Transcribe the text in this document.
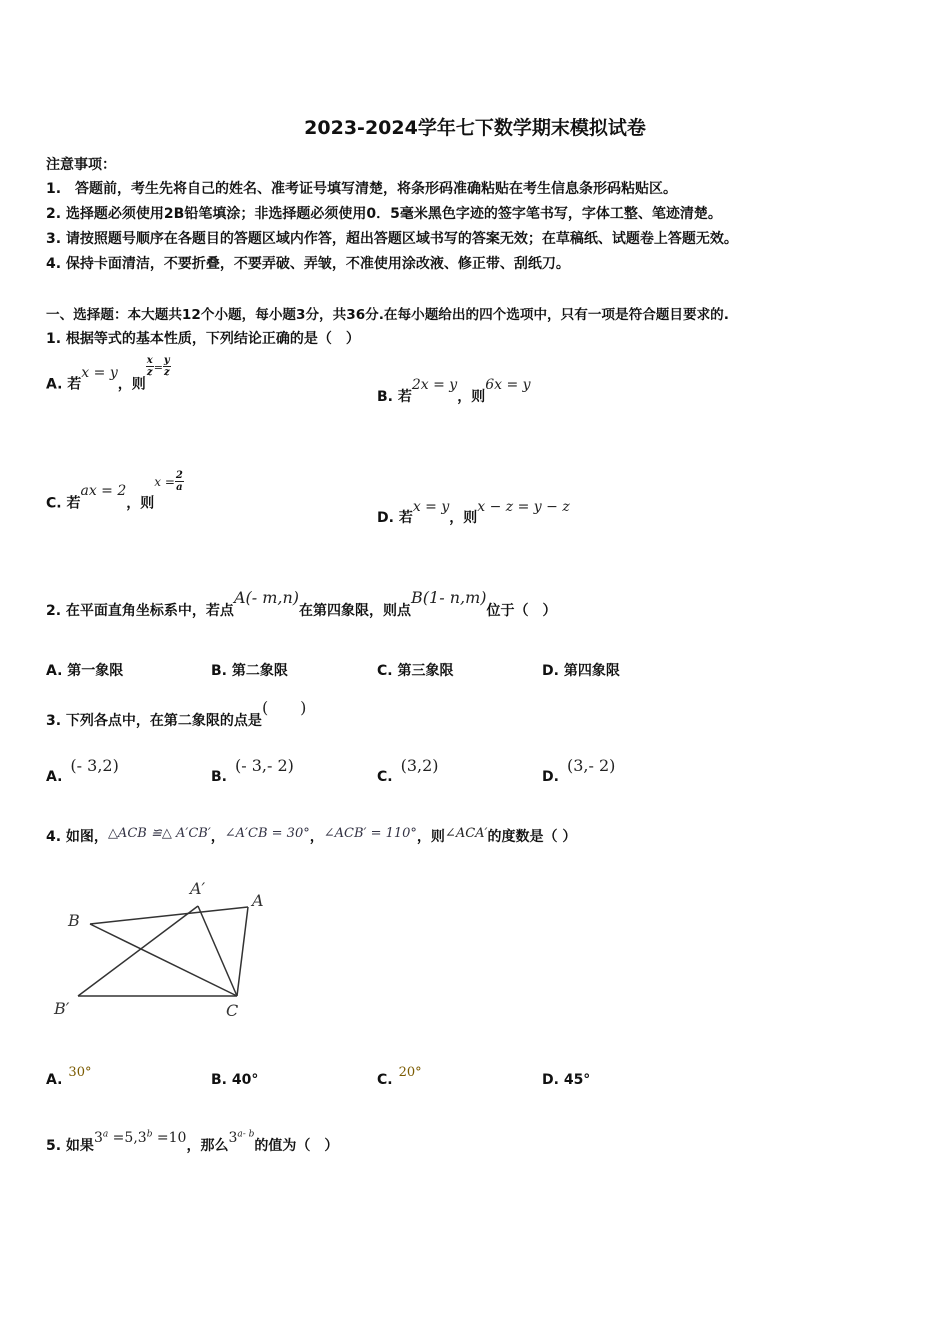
2023-2024学年七下数学期末模拟试卷
注意事项：
1.　答题前，考生先将自己的姓名、准考证号填写清楚，将条形码准确粘贴在考生信息条形码粘贴区。
2. 选择题必须使用2B铅笔填涂；非选择题必须使用0．5毫米黑色字迹的签字笔书写，字体工整、笔迹清楚。
3. 请按照题号顺序在各题目的答题区域内作答，超出答题区域书写的答案无效；在草稿纸、试题卷上答题无效。
4. 保持卡面清洁，不要折叠，不要弄破、弄皱，不准使用涂改液、修正带、刮纸刀。
一、选择题：本大题共12个小题，每小题3分，共36分.在每小题给出的四个选项中，只有一项是符合题目要求的.
1. 根据等式的基本性质，下列结论正确的是（　）
A. 若x = y，则
$\frac{x}{z} = \frac{y}{z}$
B. 若2x = y，则6x = y
C. 若ax = 2，则$x = \frac{2}{a}$
D. 若x = y，则x − z = y − z
2. 在平面直角坐标系中，若点A(- m,n)在第四象限，则点B(1- n,m)位于（　）
A. 第一象限	B. 第二象限	C. 第三象限	D. 第四象限
3. 下列各点中，在第二象限的点是(　　)
A.(- 3,2)
B.(- 3,- 2)
C.(3,2)
D.(3,- 2)
4. 如图，△ACB ≌△ A′CB′，∠A′CB = 30°，∠ACB′ = 110°，则∠ACA′的度数是（ ）
B
A′
A
B′	C
A. 30°	B. 40°	C. 20°	D. 45°
5. 如果$3^a =5,3^b =10$，那么3$^{a- b}$的值为（　）
